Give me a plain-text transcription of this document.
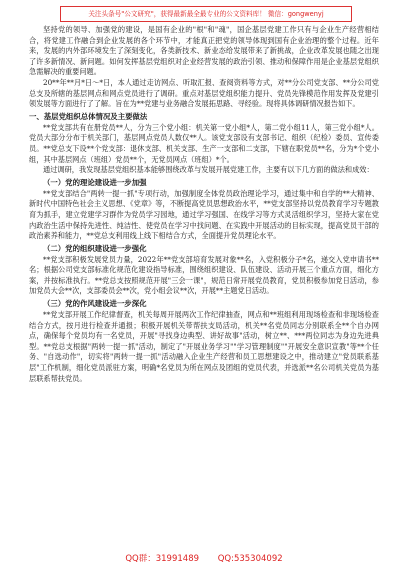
关注头条号"公文研究"，获得最新最全最专业的公文资料库！ 微信：gongwenyj

坚持党的领导、加强党的建设，是国有企业的"根"和"魂"，国企基层党建工作只有与企业生产经营相结合，将党建工作融合到企业发展的各个环节中，才能真正把党的领导体现到国有企业治理的整个过程。近年来，发展的内外部环境发生了深刻变化，各类新技术、新业态给发展带来了新挑战，企业改革发展也随之出现了许多新情况、新问题。如何发挥基层党组织对企业经营发展的政治引领、推动和保障作用是企业基层党组织急需解决的重要问题。

20**年**月*日～*日，本人通过走访网点、听取汇报、查阅资料等方式，对**分公司党支部、**分公司党总支及所辖的基层网点和网点党员进行了调研。重点对基层党组织能力提升、党员先锋模范作用发挥及党建引领发展等方面进行了了解。旨在为**党建与业务融合发展拓思路、寻经验。现将具体调研情况报告如下。

一、基层党组织总体情况及主要做法

**党支部共有在册党员**人，分为三个党小组：机关第一党小组*人，第二党小组11人，第三党小组*人。党员大部分分布于机关部门，基层网点党员人数仅**人。该党支部设有支部书记、组织（纪检）委员、宣传委员。**党总支下设**个党支部：退休支部、机关支部、生产一支部和二支部，下辖在职党员**名，分为*个党小组，其中基层网点（班组）党员**个，无党员网点（班组）*个。

通过调研，我发现基层党组织基本能够围绕改革与发展开展党建工作，主要有以下几方面的做法和成效：

（一）党的理论建设进一步加强

**党支部结合"两转一提一抓"专项行动，加强制度全体党员政治理论学习，通过集中和自学的**大精神、新时代中国特色社会主义思想、《党章》等，不断提高党员思想政治水平，**党支部坚持以党员教育学习专题教育为抓手，建立党建学习群作为党员学习园地，通过学习强国、在线学习等方式灵活组织学习，坚持大家在党内政治生活中保持先进性、纯洁性、使党员在学习中找问题、在实践中开展活动的目标实现，提高党员干部的政治素养和能力，**党总支利用线上线下相结合方式，全面提升党员理论水平。

（二）党的组织建设进一步强化

**党支部积极发展党员力量，2022年**党支部培育发展对象**名，入党积极分子*名，递交入党申请书**名；根据公司党支部标准化规范化建设指导标准，围绕组织建设、队伍建设、活动开展三个重点方面，细化方案，并按标准执行。**党总支按照规范开展"三会一课"，规范日常开展党员教育，党员积极参加党日活动，参加党员大会**次，支部委员会**次，党小组会议**次，开展**主题党日活动。

（三）党的作风建设进一步深化

**党支部开展工作纪律督查，机关每周开展两次工作纪律抽查，网点和**班组利用现场检查和非现场检查结合方式，按月进行检查并通报；积极开展机关带帮扶支局活动，机关**名党员同志分别联系全**个自办网点，确保每个党员均有一名党员，开展"寻找身边典型、讲好故事"活动，树立**、***两位同志为身边先进典型。**党总支根据"两转一提一抓"活动，制定了"开展业务学习""学习管理制度""开展安全意识宣教"等**个任务、"自选动作"，切实将"两转一提一抓"活动融入企业生产经营和员工思想建设之中，推动建立"党员联系基层"工作机制，细化党员派驻方案，明确*名党员为所在网点及团组的党员代表，并选派**名公司机关党员为基层联系帮扶党员。

QQ群：31991489 QQ:535304092
